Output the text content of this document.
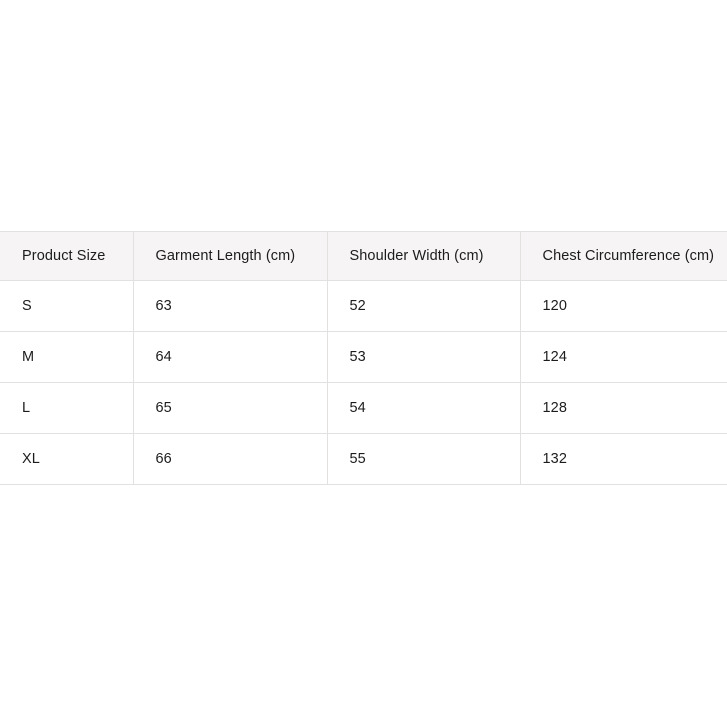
Product Size	Garment Length (cm)	Shoulder Width (cm)	Chest Circumference (cm)
S	63	52	120
M	64	53	124
L	65	54	128
XL	66	55	132
